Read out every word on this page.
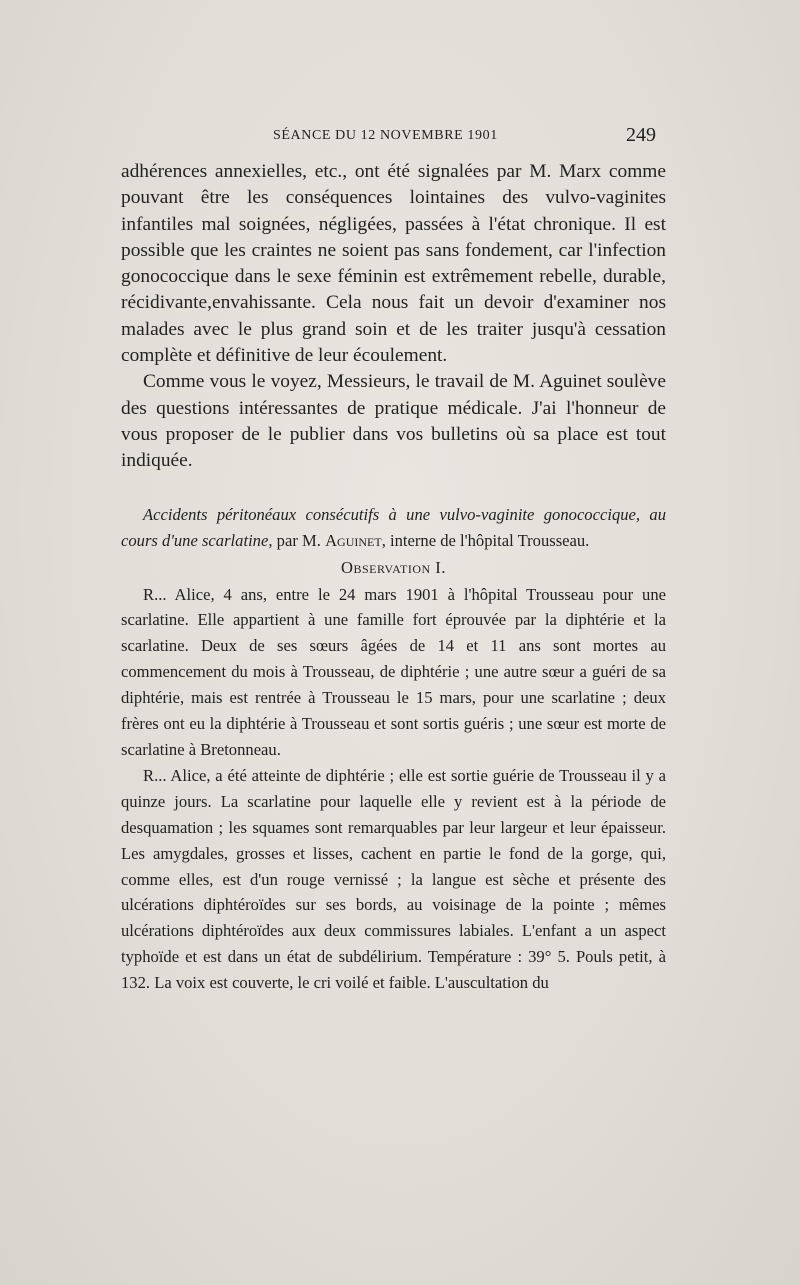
SÉANCE DU 12 NOVEMBRE 1901	249

adhérences annexielles, etc., ont été signalées par M. Marx comme pouvant être les conséquences lointaines des vulvo-vaginites infantiles mal soignées, négligées, passées à l'état chronique. Il est possible que les craintes ne soient pas sans fondement, car l'infection gonococcique dans le sexe féminin est extrêmement rebelle, durable, récidivante,envahissante. Cela nous fait un devoir d'examiner nos malades avec le plus grand soin et de les traiter jusqu'à cessation complète et définitive de leur écoulement.

Comme vous le voyez, Messieurs, le travail de M. Aguinet soulève des questions intéressantes de pratique médicale. J'ai l'honneur de vous proposer de le publier dans vos bulletins où sa place est tout indiquée.

Accidents péritonéaux consécutifs à une vulvo-vaginite gonococcique, au cours d'une scarlatine, par M. Aguinet, interne de l'hôpital Trousseau.

Observation I.

R... Alice, 4 ans, entre le 24 mars 1901 à l'hôpital Trousseau pour une scarlatine. Elle appartient à une famille fort éprouvée par la diphtérie et la scarlatine. Deux de ses sœurs âgées de 14 et 11 ans sont mortes au commencement du mois à Trousseau, de diphtérie ; une autre sœur a guéri de sa diphtérie, mais est rentrée à Trousseau le 15 mars, pour une scarlatine ; deux frères ont eu la diphtérie à Trousseau et sont sortis guéris ; une sœur est morte de scarlatine à Bretonneau.

R... Alice, a été atteinte de diphtérie ; elle est sortie guérie de Trousseau il y a quinze jours. La scarlatine pour laquelle elle y revient est à la période de desquamation ; les squames sont remarquables par leur largeur et leur épaisseur. Les amygdales, grosses et lisses, cachent en partie le fond de la gorge, qui, comme elles, est d'un rouge vernissé ; la langue est sèche et présente des ulcérations diphtéroïdes sur ses bords, au voisinage de la pointe ; mêmes ulcérations diphtéroïdes aux deux commissures labiales. L'enfant a un aspect typhoïde et est dans un état de subdélirium. Température : 39° 5. Pouls petit, à 132. La voix est couverte, le cri voilé et faible. L'auscultation du
